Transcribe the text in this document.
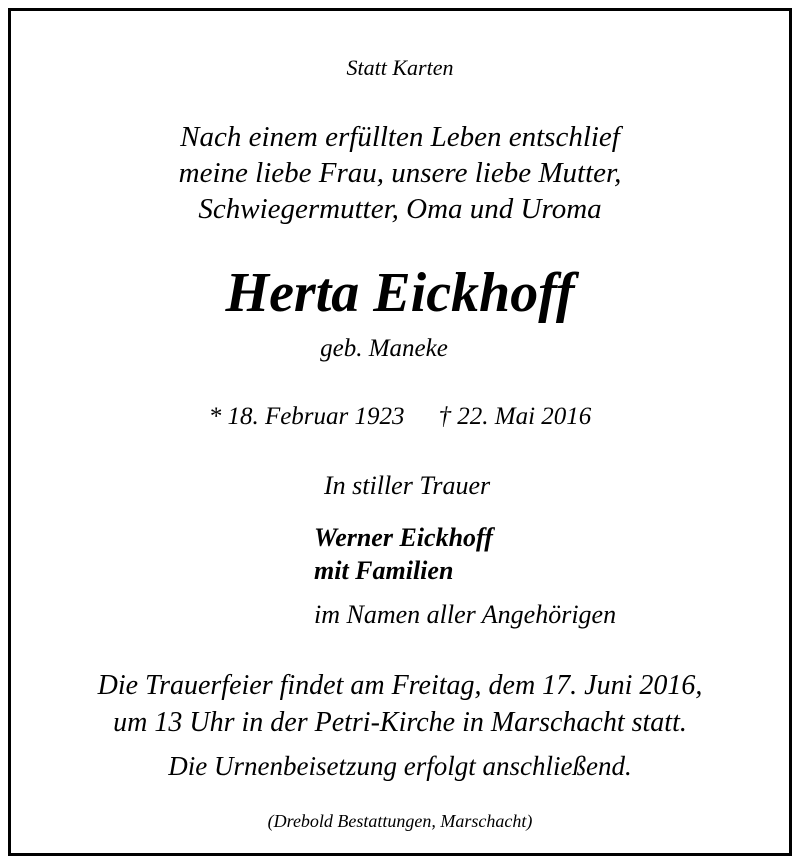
Statt Karten
Nach einem erfüllten Leben entschlief
meine liebe Frau, unsere liebe Mutter,
Schwiegermutter, Oma und Uroma
Herta Eickhoff
geb. Maneke
* 18. Februar 1923 † 22. Mai 2016
In stiller Trauer
Werner Eickhoff
mit Familien
im Namen aller Angehörigen
Die Trauerfeier findet am Freitag, dem 17. Juni 2016,
um 13 Uhr in der Petri-Kirche in Marschacht statt.
Die Urnenbeisetzung erfolgt anschließend.
(Drebold Bestattungen, Marschacht)
